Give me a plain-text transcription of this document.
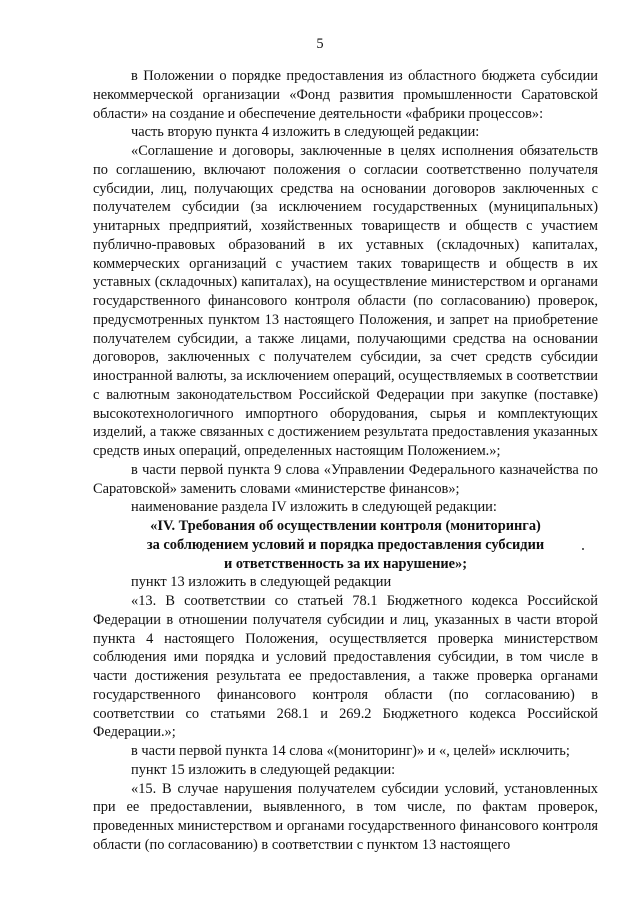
5

в Положении о порядке предоставления из областного бюджета субсидии некоммерческой организации «Фонд развития промышленности Саратовской области» на создание и обеспечение деятельности «фабрики процессов»:

часть вторую пункта 4 изложить в следующей редакции:

«Соглашение и договоры, заключенные в целях исполнения обязательств по соглашению, включают положения о согласии соответственно получателя субсидии, лиц, получающих средства на основании договоров заключенных с получателем субсидии (за исключением государственных (муниципальных) унитарных предприятий, хозяйственных товариществ и обществ с участием публично-правовых образований в их уставных (складочных) капиталах, коммерческих организаций с участием таких товариществ и обществ в их уставных (складочных) капиталах), на осуществление министерством и органами государственного финансового контроля области (по согласованию) проверок, предусмотренных пунктом 13 настоящего Положения, и запрет на приобретение получателем субсидии, а также лицами, получающими средства на основании договоров, заключенных с получателем субсидии, за счет средств субсидии иностранной валюты, за исключением операций, осуществляемых в соответствии с валютным законодательством Российской Федерации при закупке (поставке) высокотехнологичного импортного оборудования, сырья и комплектующих изделий, а также связанных с достижением результата предоставления указанных средств иных операций, определенных настоящим Положением.»;

в части первой пункта 9 слова «Управлении Федерального казначейства по Саратовской» заменить словами «министерстве финансов»;

наименование раздела IV изложить в следующей редакции:

«IV. Требования об осуществлении контроля (мониторинга)

за соблюдением условий и порядка предоставления субсидии

и ответственность за их нарушение»;

пункт 13 изложить в следующей редакции

«13. В соответствии со статьей 78.1 Бюджетного кодекса Российской Федерации в отношении получателя субсидии и лиц, указанных в части второй пункта 4 настоящего Положения, осуществляется проверка министерством соблюдения ими порядка и условий предоставления субсидии, в том числе в части достижения результата ее предоставления, а также проверка органами государственного финансового контроля области (по согласованию) в соответствии со статьями 268.1 и 269.2 Бюджетного кодекса Российской Федерации.»;

в части первой пункта 14 слова «(мониторинг)» и «, целей» исключить;

пункт 15 изложить в следующей редакции:

«15. В случае нарушения получателем субсидии условий, установленных при ее предоставлении, выявленного, в том числе, по фактам проверок, проведенных министерством и органами государственного финансового контроля области (по согласованию) в соответствии с пунктом 13 настоящего
